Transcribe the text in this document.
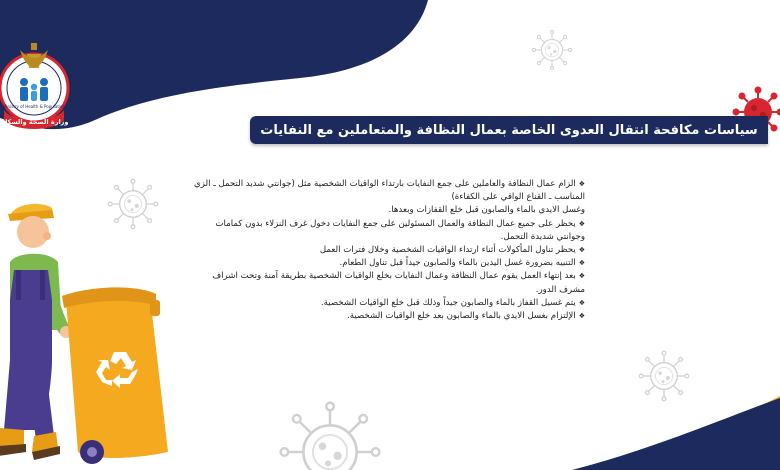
Ministry of Health & Population
وزارة الصحة والسكان
سياسات مكافحة انتقال العدوى الخاصة بعمال النظافة والمتعاملين مع النفايات

❖الزام عمال النظافة والعاملين على جمع النفايات بارتداء الواقيات الشخصية مثل (جوانتي شديد التحمل ـ الزي المناسب ـ القناع الواقي على الكفاءة)

وغسل الايدي بالماء والصابون قبل خلع القفازات وبعدها.

❖يحظر على جميع عمال النظافة والعمال المسئولين على جمع النفايات دخول غرف النزلاء بدون كمامات وجوانتي شديدة التحمل.

❖يحظر تناول المأكولات أثناء ارتداء الواقيات الشخصية وخلال فترات العمل

❖التنبيه بضرورة غسل اليدين بالماء والصابون جيداً قبل تناول الطعام.

❖بعد إنتهاء العمل يقوم عمال النظافة وعمال النفايات بخلع الواقيات الشخصية بطريقة آمنة وتحت اشراف مشرف الدور.

❖يتم غسيل القفاز بالماء والصابون جيداً وذلك قبل خلع الواقيات الشخصية.

❖الإلتزام بغسل الايدي بالماء والصابون بعد خلع الواقيات الشخصية.
